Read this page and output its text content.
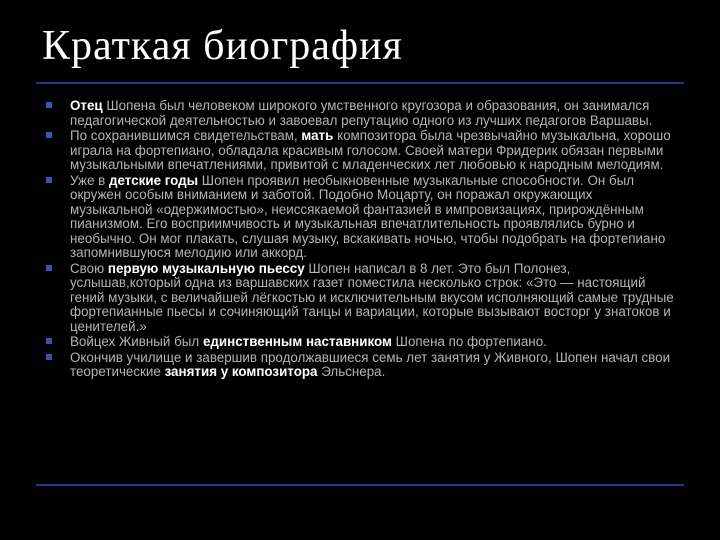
Краткая биография
Отец Шопена был человеком широкого умственного кругозора и образования, он занимался педагогической деятельностью и завоевал репутацию одного из лучших педагогов Варшавы.
По сохранившимся свидетельствам, мать композитора была чрезвычайно музыкальна, хорошо играла на фортепиано, обладала красивым голосом. Своей матери Фридерик обязан первыми музыкальными впечатлениями, привитой с младенческих лет любовью к народным мелодиям.
Уже в детские годы Шопен проявил необыкновенные музыкальные способности. Он был окружен особым вниманием и заботой. Подобно Моцарту, он поражал окружающих музыкальной «одержимостью», неиссякаемой фантазией в импровизациях, прирождённым пианизмом. Его восприимчивость и музыкальная впечатлительность проявлялись бурно и необычно. Он мог плакать, слушая музыку, вскакивать ночью, чтобы подобрать на фортепиано запомнившуюся мелодию или аккорд.
Свою первую музыкальную пьессу Шопен написал в 8 лет. Это был Полонез, услышав,который одна из варшавских газет поместила несколько строк: «Это — настоящий гений музыки, с величайшей лёгкостью и исключительным вкусом исполняющий самые трудные фортепианные пьесы и сочиняющий танцы и вариации, которые вызывают восторг у знатоков и ценителей.»
Войцех Живный был единственным наставником Шопена по фортепиано.
Окончив училище и завершив продолжавшиеся семь лет занятия у Живного, Шопен начал свои теоретические занятия у композитора Эльснера.
